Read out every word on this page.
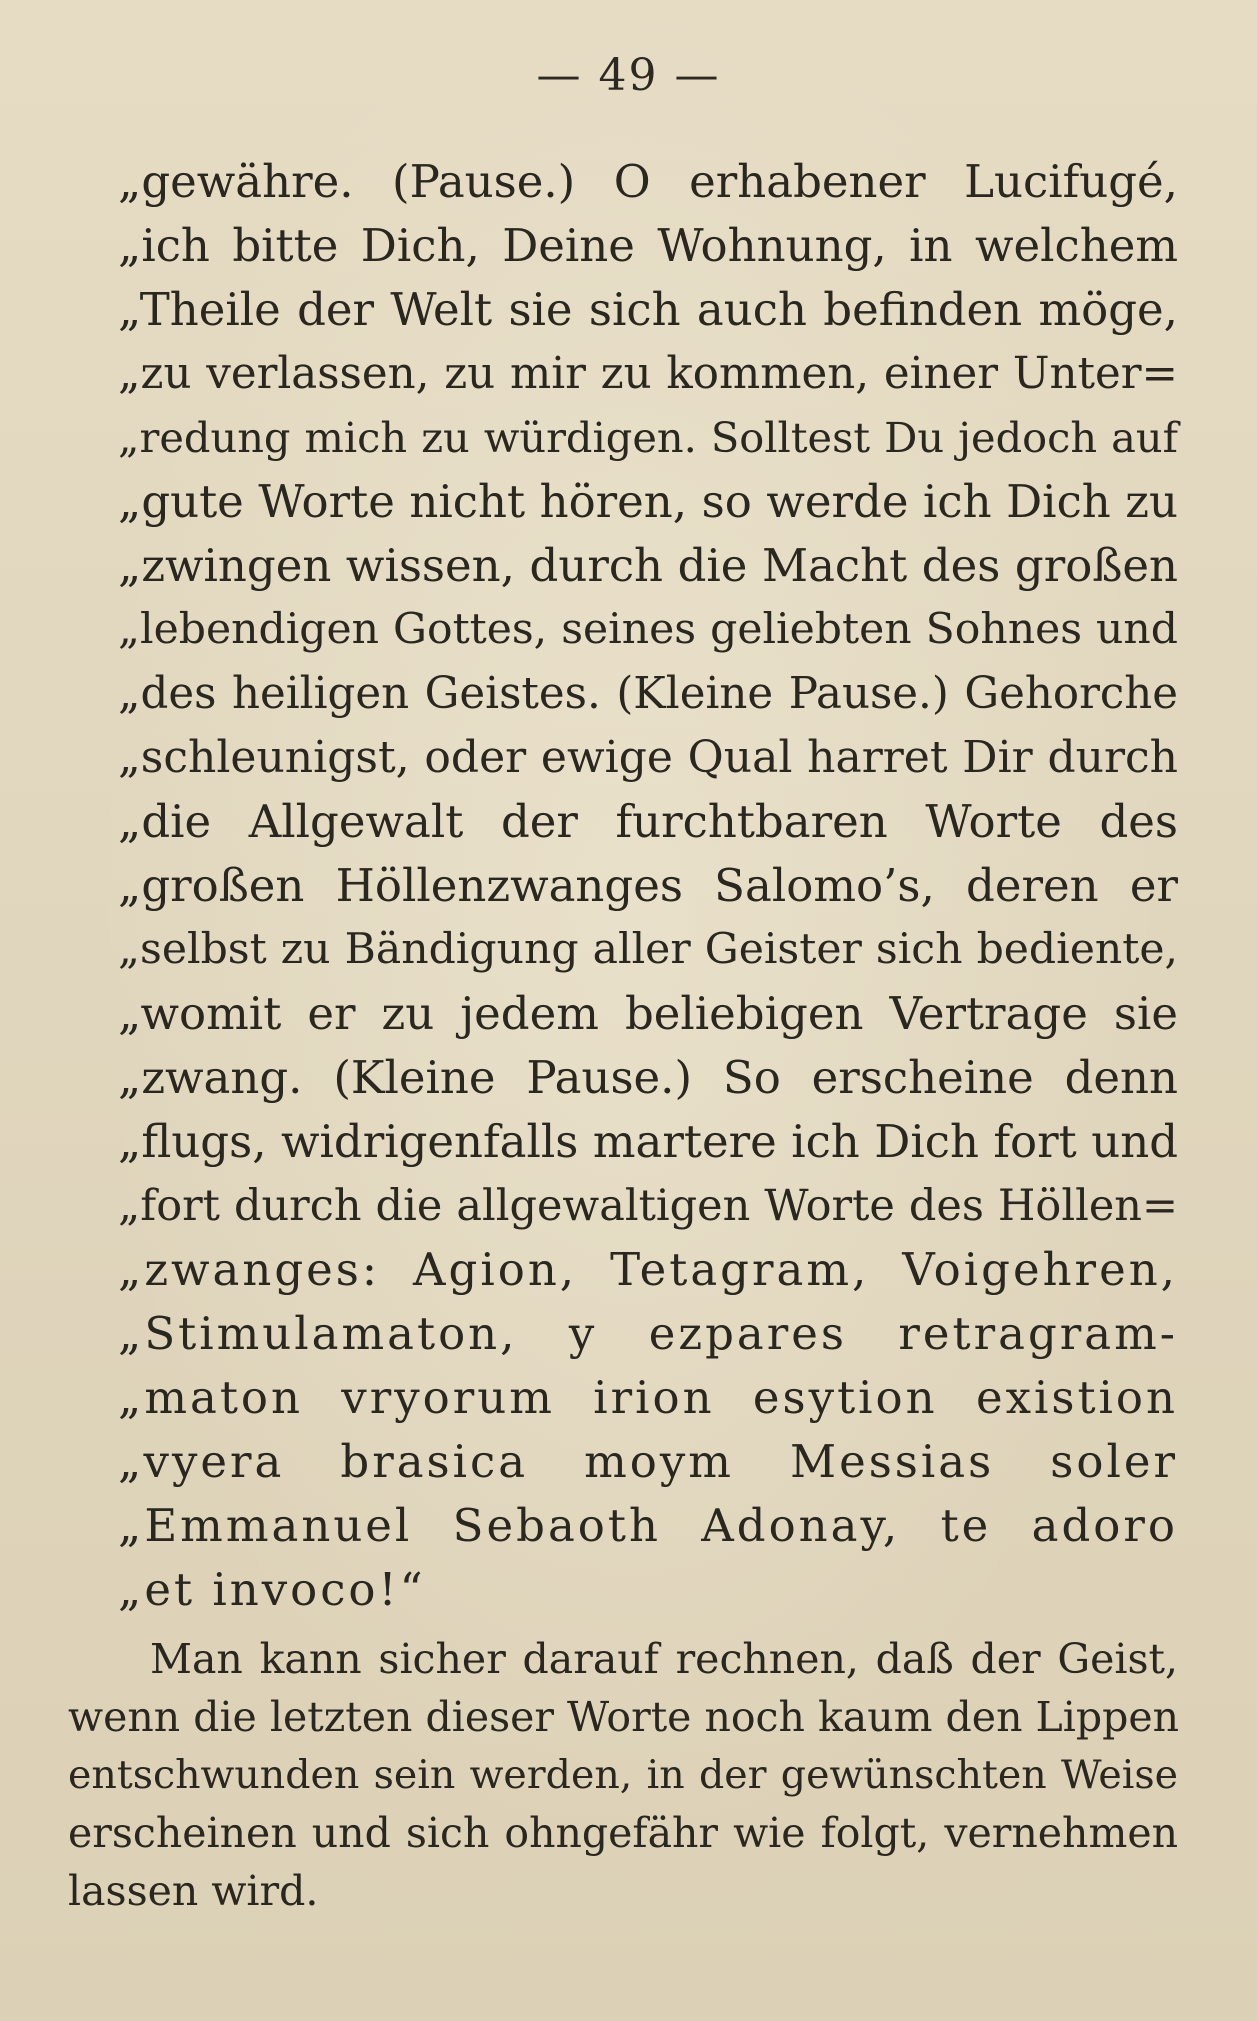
— 49 —
„gewähre. (Pause.) O erhabener Lucifugé,
„ich bitte Dich, Deine Wohnung, in welchem
„Theile der Welt sie sich auch befinden möge,
„zu verlassen, zu mir zu kommen, einer Unter=
„redung mich zu würdigen. Solltest Du jedoch auf
„gute Worte nicht hören, so werde ich Dich zu
„zwingen wissen, durch die Macht des großen
„lebendigen Gottes, seines geliebten Sohnes und
„des heiligen Geistes. (Kleine Pause.) Gehorche
„schleunigst, oder ewige Qual harret Dir durch
„die Allgewalt der furchtbaren Worte des
„großen Höllenzwanges Salomo’s, deren er
„selbst zu Bändigung aller Geister sich bediente,
„womit er zu jedem beliebigen Vertrage sie
„zwang. (Kleine Pause.) So erscheine denn
„flugs, widrigenfalls martere ich Dich fort und
„fort durch die allgewaltigen Worte des Höllen=
„zwanges: Agion, Tetagram, Voigehren,
„Stimulamaton, y ezpares retragram-
„maton vryorum irion esytion existion
„vyera brasica moym Messias soler
„Emmanuel Sebaoth Adonay, te adoro
„et invoco!“
Man kann sicher darauf rechnen, daß der Geist,
wenn die letzten dieser Worte noch kaum den Lippen
entschwunden sein werden, in der gewünschten Weise
erscheinen und sich ohngefähr wie folgt, vernehmen
lassen wird.
